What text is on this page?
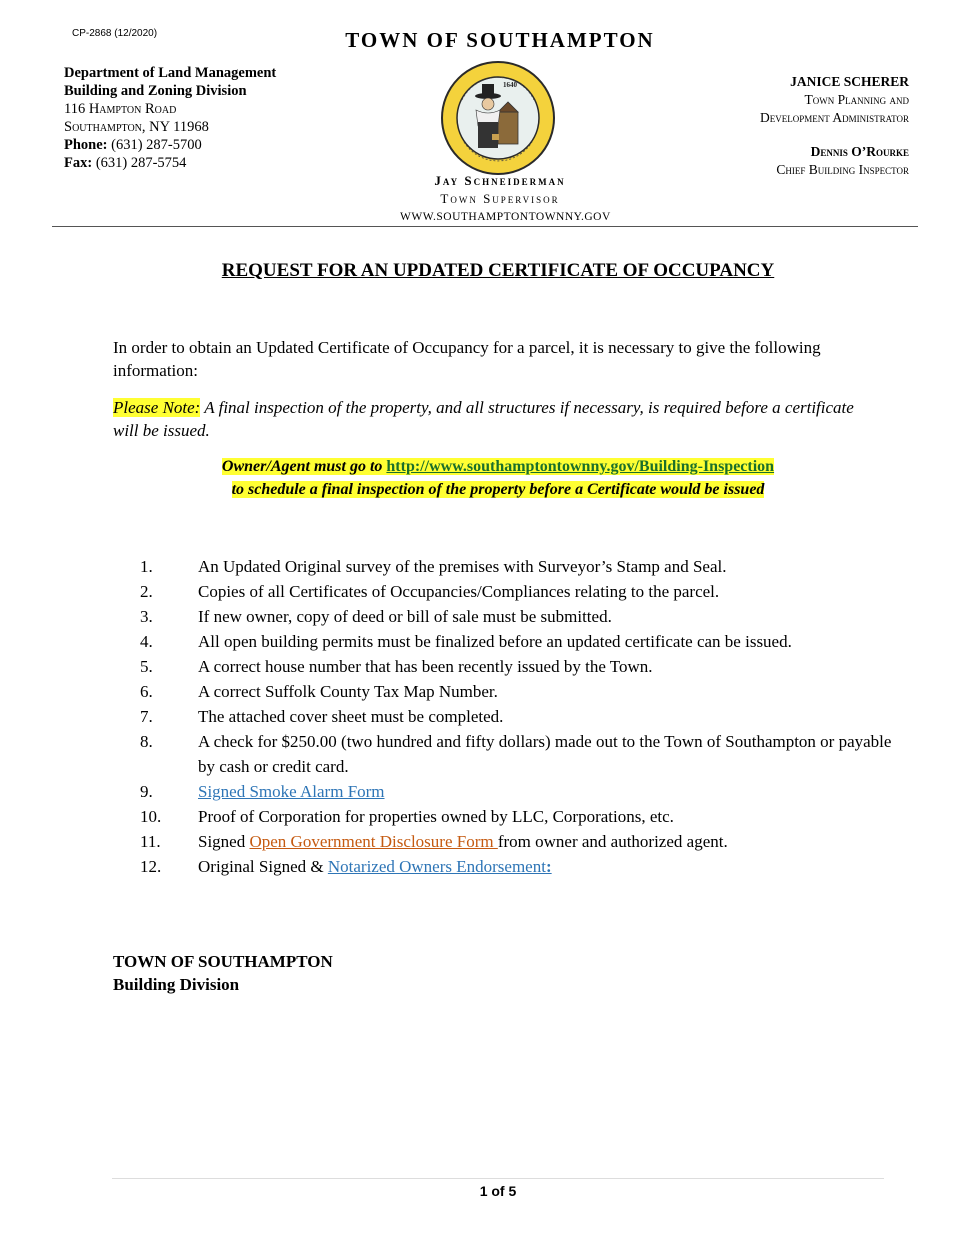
CP-2868 (12/2020)	TOWN OF SOUTHAMPTON
Department of Land Management
Building and Zoning Division
116 Hampton Road
Southampton, NY 11968
Phone: (631) 287-5700
Fax: (631) 287-5754
1640	JANICE SCHERER
Town Planning and
Development Administrator
Dennis O’Rourke
Chief Building Inspector
Jay Schneiderman
Town Supervisor
WWW.SOUTHAMPTONTOWNNY.GOV
REQUEST FOR AN UPDATED CERTIFICATE OF OCCUPANCY
In order to obtain an Updated Certificate of Occupancy for a parcel, it is necessary to give the following information:
Please Note: A final inspection of the property, and all structures if necessary, is required before a certificate will be issued.
Owner/Agent must go to http://www.southamptontownny.gov/Building-Inspection
to schedule a final inspection of the property before a Certificate would be issued
1.	An Updated Original survey of the premises with Surveyor’s Stamp and Seal.
2.	Copies of all Certificates of Occupancies/Compliances relating to the parcel.
3.	If new owner, copy of deed or bill of sale must be submitted.
4.	All open building permits must be finalized before an updated certificate can be issued.
5.	A correct house number that has been recently issued by the Town.
6.	A correct Suffolk County Tax Map Number.
7.	The attached cover sheet must be completed.
8.	A check for $250.00 (two hundred and fifty dollars) made out to the Town of Southampton or payable by cash or credit card.
9.	Signed Smoke Alarm Form
10. Proof of Corporation for properties owned by LLC, Corporations, etc.
11. Signed Open Government Disclosure Form from owner and authorized agent.
12. Original Signed & Notarized Owners Endorsement:
TOWN OF SOUTHAMPTON
Building Division
1 of 5
